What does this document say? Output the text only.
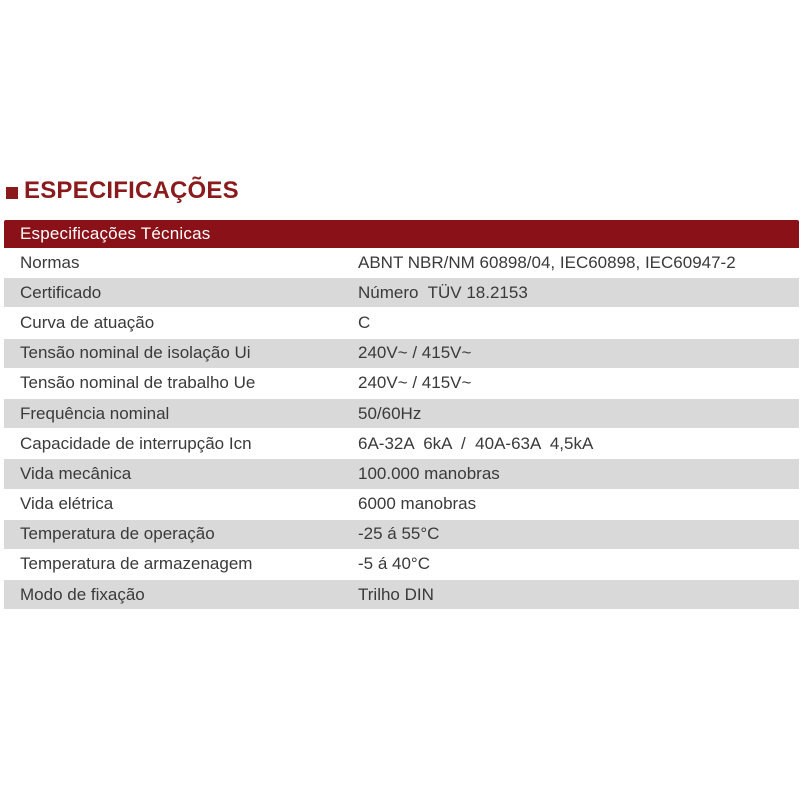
ESPECIFICAÇÕES
Especificações Técnicas
Normas	ABNT NBR/NM 60898/04, IEC60898, IEC60947-2
Certificado	Número  TÜV 18.2153
Curva de atuação	C
Tensão nominal de isolação Ui	240V~ / 415V~
Tensão nominal de trabalho Ue	240V~ / 415V~
Frequência nominal	50/60Hz
Capacidade de interrupção Icn	6A-32A  6kA  /  40A-63A  4,5kA
Vida mecânica	100.000 manobras
Vida elétrica	6000 manobras
Temperatura de operação	-25 á 55°C
Temperatura de armazenagem	-5 á 40°C
Modo de fixação	Trilho DIN
